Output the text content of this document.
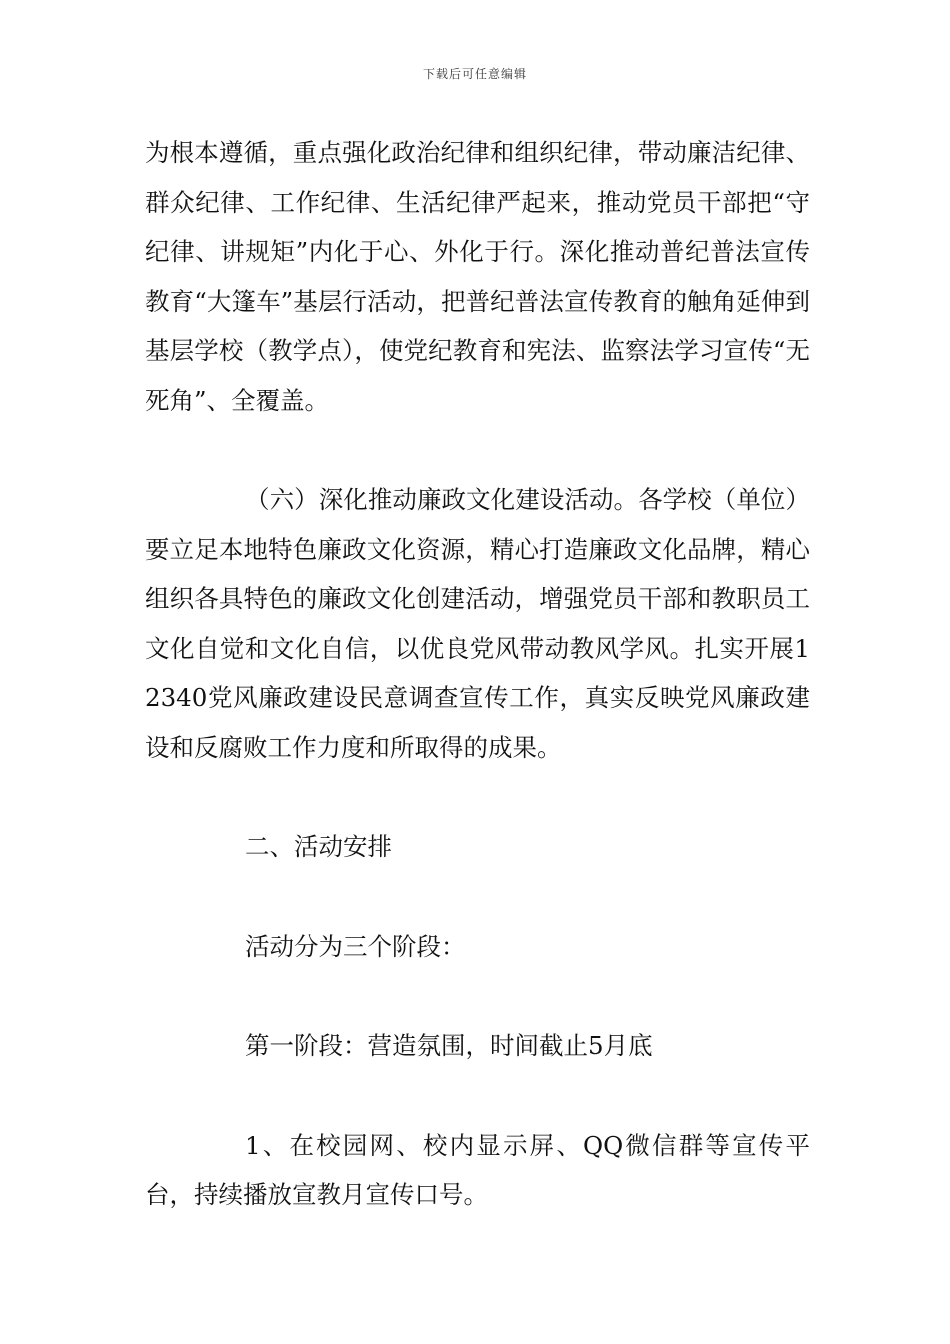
下载后可任意编辑

为根本遵循，重点强化政治纪律和组织纪律，带动廉洁纪律、群众纪律、工作纪律、生活纪律严起来，推动党员干部把“守纪律、讲规矩”内化于心、外化于行。深化推动普纪普法宣传教育“大篷车”基层行活动，把普纪普法宣传教育的触角延伸到基层学校（教学点），使党纪教育和宪法、监察法学习宣传“无死角”、全覆盖。

（六）深化推动廉政文化建设活动。各学校（单位）要立足本地特色廉政文化资源，精心打造廉政文化品牌，精心组织各具特色的廉政文化创建活动，增强党员干部和教职员工文化自觉和文化自信，以优良党风带动教风学风。扎实开展12340党风廉政建设民意调查宣传工作，真实反映党风廉政建设和反腐败工作力度和所取得的成果。

二、活动安排

活动分为三个阶段：

第一阶段：营造氛围，时间截止5月底

1、在校园网、校内显示屏、QQ微信群等宣传平台，持续播放宣教月宣传口号。
